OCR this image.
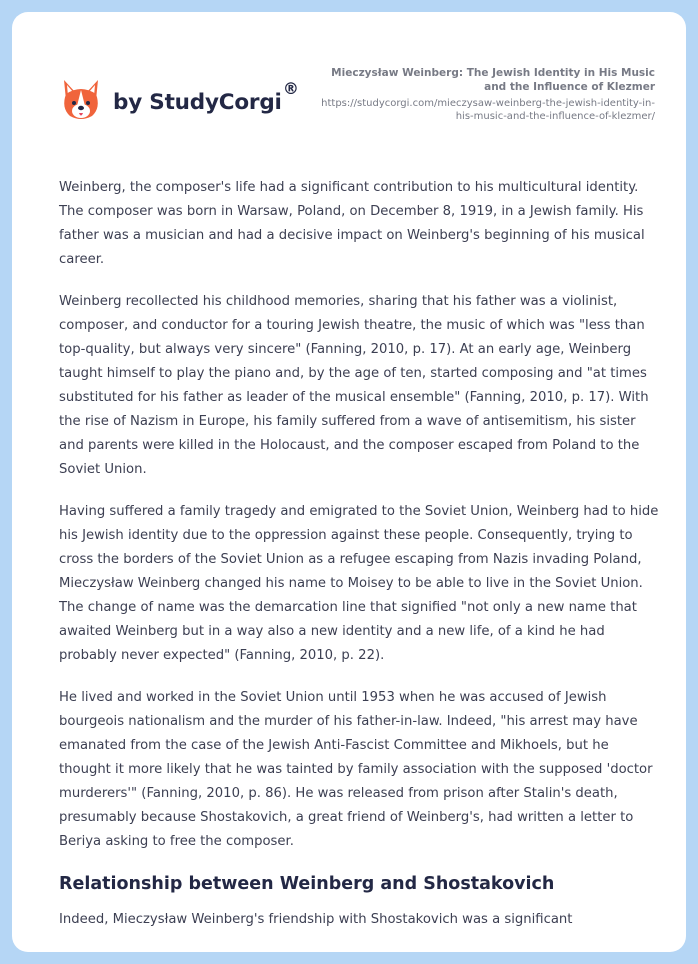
by StudyCorgi
®
Mieczysław Weinberg: The Jewish Identity in His Music and the Influence of Klezmer
https://studycorgi.com/mieczysaw-weinberg-the-jewish-identity-in-his-music-and-the-influence-of-klezmer/

Weinberg, the composer's life had a significant contribution to his multicultural identity. The composer was born in Warsaw, Poland, on December 8, 1919, in a Jewish family. His father was a musician and had a decisive impact on Weinberg's beginning of his musical career.

Weinberg recollected his childhood memories, sharing that his father was a violinist, composer, and conductor for a touring Jewish theatre, the music of which was "less than top-quality, but always very sincere" (Fanning, 2010, p. 17). At an early age, Weinberg taught himself to play the piano and, by the age of ten, started composing and "at times substituted for his father as leader of the musical ensemble" (Fanning, 2010, p. 17). With the rise of Nazism in Europe, his family suffered from a wave of antisemitism, his sister and parents were killed in the Holocaust, and the composer escaped from Poland to the Soviet Union.

Having suffered a family tragedy and emigrated to the Soviet Union, Weinberg had to hide his Jewish identity due to the oppression against these people. Consequently, trying to cross the borders of the Soviet Union as a refugee escaping from Nazis invading Poland, Mieczysław Weinberg changed his name to Moisey to be able to live in the Soviet Union. The change of name was the demarcation line that signified "not only a new name that awaited Weinberg but in a way also a new identity and a new life, of a kind he had probably never expected" (Fanning, 2010, p. 22).

He lived and worked in the Soviet Union until 1953 when he was accused of Jewish bourgeois nationalism and the murder of his father-in-law. Indeed, "his arrest may have emanated from the case of the Jewish Anti-Fascist Committee and Mikhoels, but he thought it more likely that he was tainted by family association with the supposed 'doctor murderers'" (Fanning, 2010, p. 86). He was released from prison after Stalin's death, presumably because Shostakovich, a great friend of Weinberg's, had written a letter to Beriya asking to free the composer.

Relationship between Weinberg and Shostakovich

Indeed, Mieczysław Weinberg's friendship with Shostakovich was a significant
